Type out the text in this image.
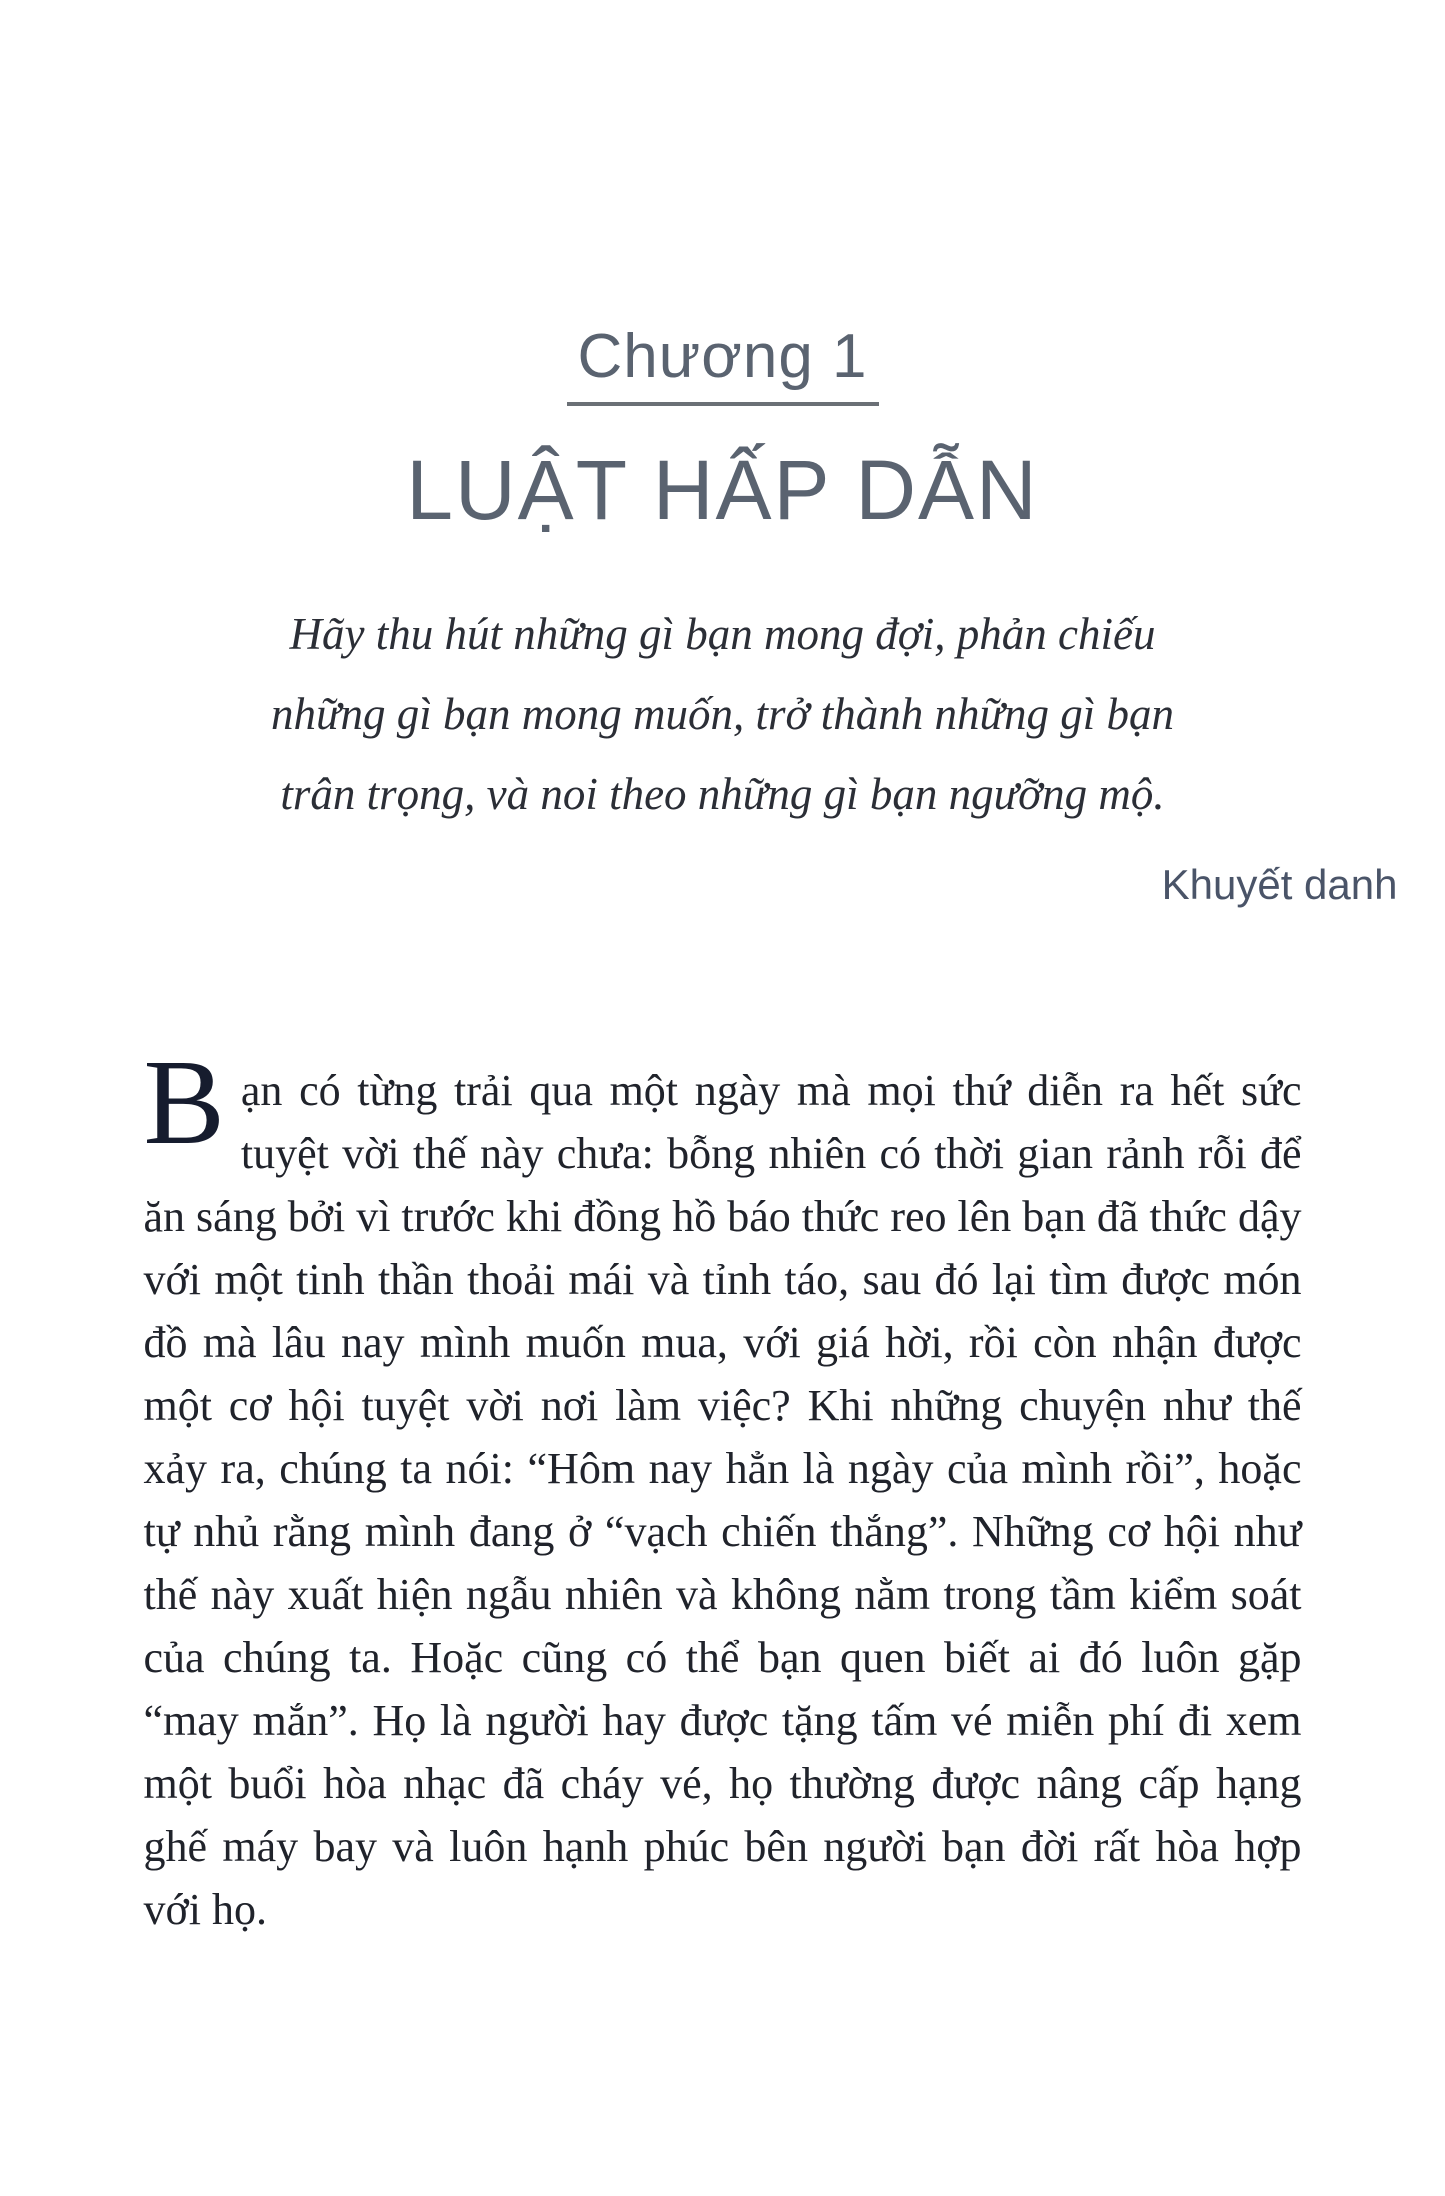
Chương 1
LUẬT HẤP DẪN

Hãy thu hút những gì bạn mong đợi, phản chiếu

những gì bạn mong muốn, trở thành những gì bạn

trân trọng, và noi theo những gì bạn ngưỡng mộ.

Khuyết danh

Bạn có từng trải qua một ngày mà mọi thứ diễn ra hết sức tuyệt vời thế này chưa: bỗng nhiên có thời gian rảnh rỗi để ăn sáng bởi vì trước khi đồng hồ báo thức reo lên bạn đã thức dậy với một tinh thần thoải mái và tỉnh táo, sau đó lại tìm được món đồ mà lâu nay mình muốn mua, với giá hời, rồi còn nhận được một cơ hội tuyệt vời nơi làm việc? Khi những chuyện như thế xảy ra, chúng ta nói: “Hôm nay hẳn là ngày của mình rồi”, hoặc tự nhủ rằng mình đang ở “vạch chiến thắng”. Những cơ hội như thế này xuất hiện ngẫu nhiên và không nằm trong tầm kiểm soát của chúng ta. Hoặc cũng có thể bạn quen biết ai đó luôn gặp “may mắn”. Họ là người hay được tặng tấm vé miễn phí đi xem một buổi hòa nhạc đã cháy vé, họ thường được nâng cấp hạng ghế máy bay và luôn hạnh phúc bên người bạn đời rất hòa hợp với họ.
